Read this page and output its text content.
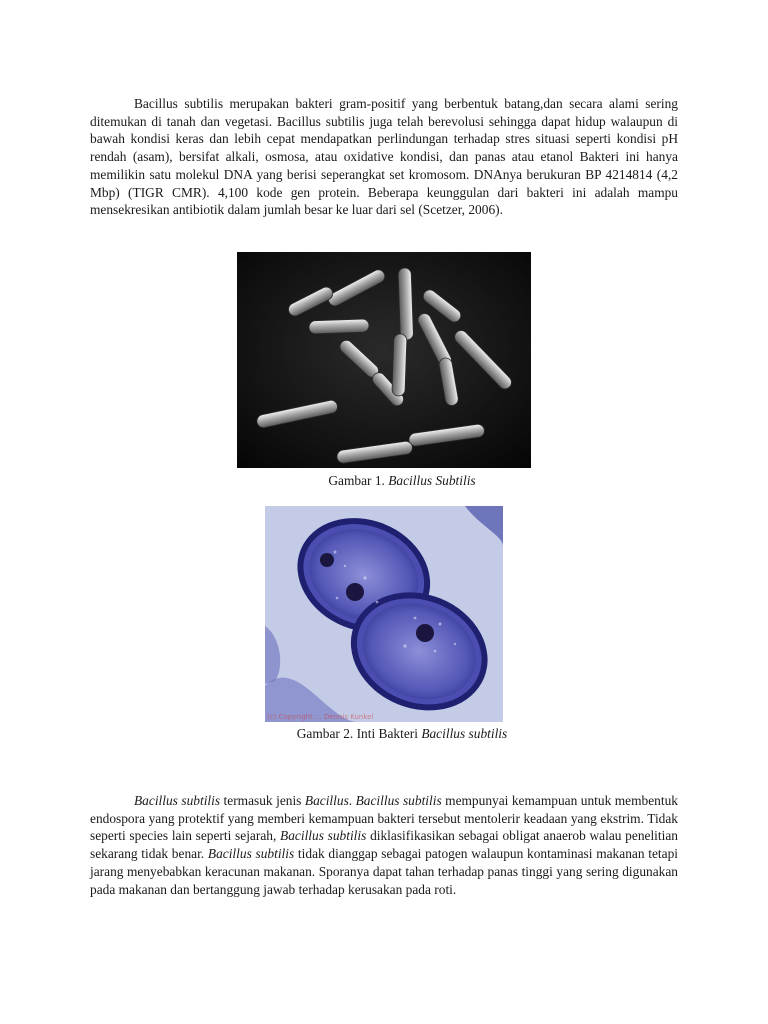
Bacillus subtilis merupakan bakteri gram-positif yang berbentuk batang,dan secara alami sering ditemukan di tanah dan vegetasi. Bacillus subtilis juga telah berevolusi sehingga dapat hidup walaupun di bawah kondisi keras dan lebih cepat mendapatkan perlindungan terhadap stres situasi seperti kondisi pH rendah (asam), bersifat alkali, osmosa, atau oxidative kondisi, dan panas atau etanol Bakteri ini hanya memilikin satu molekul DNA yang berisi seperangkat set kromosom. DNAnya berukuran BP 4214814 (4,2 Mbp) (TIGR CMR). 4,100 kode gen protein. Beberapa keunggulan dari bakteri ini adalah mampu mensekresikan antibiotik dalam jumlah besar ke luar dari sel (Scetzer, 2006).

Gambar 1. Bacillus Subtilis
(c) Copyright ... Dennis Kunkel
Gambar 2. Inti Bakteri Bacillus subtilis

Bacillus subtilis termasuk jenis Bacillus. Bacillus subtilis mempunyai kemampuan untuk membentuk endospora yang protektif yang memberi kemampuan bakteri tersebut mentolerir keadaan yang ekstrim. Tidak seperti species lain seperti sejarah, Bacillus subtilis diklasifikasikan sebagai obligat anaerob walau penelitian sekarang tidak benar. Bacillus subtilis tidak dianggap sebagai patogen walaupun kontaminasi makanan tetapi jarang menyebabkan keracunan makanan. Sporanya dapat tahan terhadap panas tinggi yang sering digunakan pada makanan dan bertanggung jawab terhadap kerusakan pada roti.
